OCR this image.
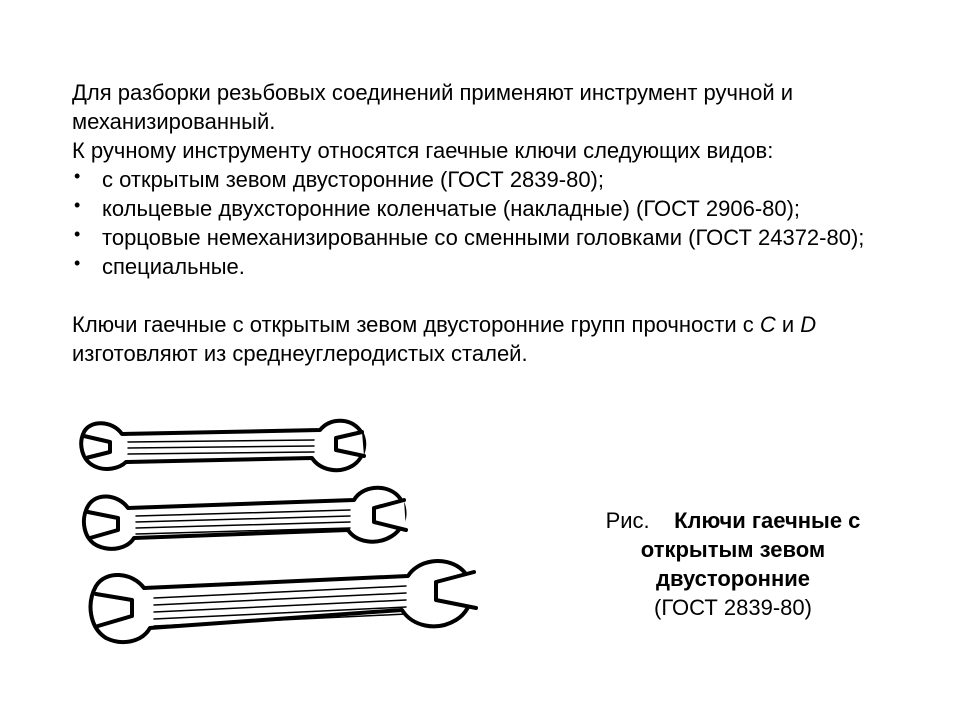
Для разборки резьбовых соединений применяют инструмент ручной и механизированный.

К ручному инструменту относятся гаечные ключи следующих видов:

• с открытым зевом двусторонние (ГОСТ 2839-80);
• кольцевые двухсторонние коленчатые (накладные) (ГОСТ 2906-80);
• торцовые немеханизированные со сменными головками (ГОСТ 24372-80);
• специальные.

Ключи гаечные с открытым зевом двусторонние групп прочности с C и D изготовляют из среднеуглеродистых сталей.

Рис. Ключи гаечные с открытым зевом двусторонние
(ГОСТ 2839-80)
